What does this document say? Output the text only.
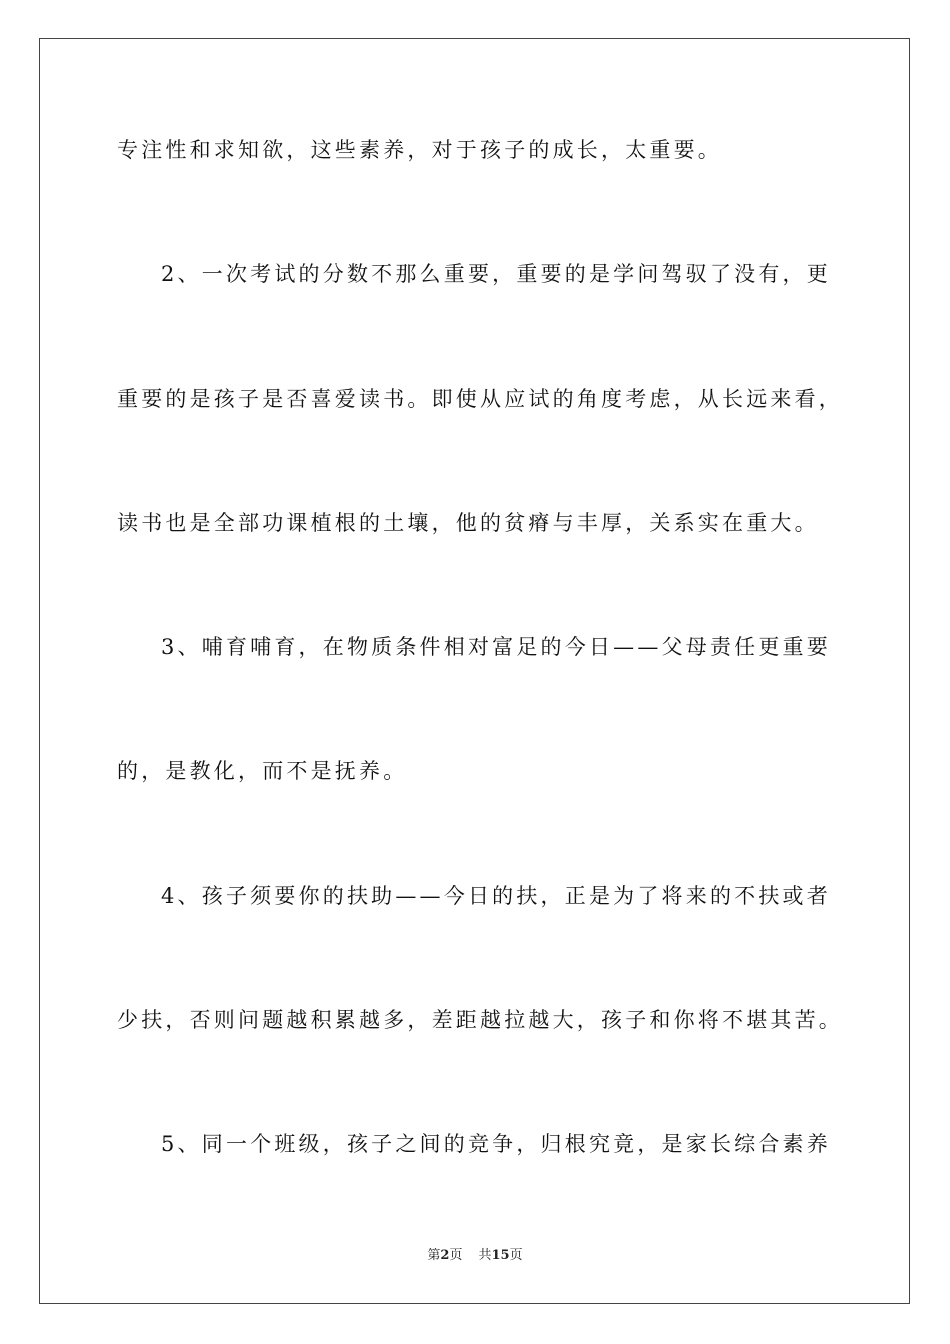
专注性和求知欲，这些素养，对于孩子的成长，太重要。
2、一次考试的分数不那么重要，重要的是学问驾驭了没有，更
重要的是孩子是否喜爱读书。即使从应试的角度考虑，从长远来看，
读书也是全部功课植根的土壤，他的贫瘠与丰厚，关系实在重大。
3、哺育哺育，在物质条件相对富足的今日——父母责任更重要
的，是教化，而不是抚养。
4、孩子须要你的扶助——今日的扶，正是为了将来的不扶或者
少扶，否则问题越积累越多，差距越拉越大，孩子和你将不堪其苦。
5、同一个班级，孩子之间的竞争，归根究竟，是家长综合素养
第2页 共15页
